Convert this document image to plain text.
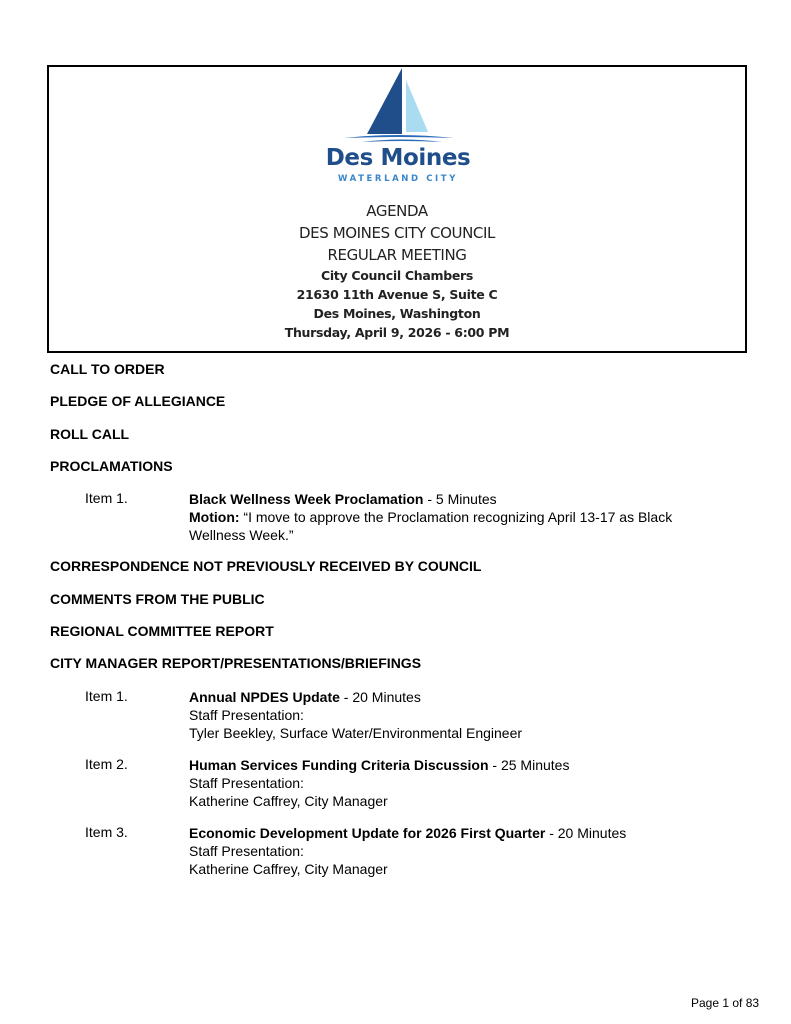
Des Moines
WATERLAND CITY
AGENDA
DES MOINES CITY COUNCIL
REGULAR MEETING
City Council Chambers
21630 11th Avenue S, Suite C
Des Moines, Washington
Thursday, April 9, 2026 - 6:00 PM
CALL TO ORDER
PLEDGE OF ALLEGIANCE
ROLL CALL
PROCLAMATIONS
Item 1.	Black Wellness Week Proclamation - 5 Minutes
Motion: “I move to approve the Proclamation recognizing April 13-17 as Black
Wellness Week.”
CORRESPONDENCE NOT PREVIOUSLY RECEIVED BY COUNCIL
COMMENTS FROM THE PUBLIC
REGIONAL COMMITTEE REPORT
CITY MANAGER REPORT/PRESENTATIONS/BRIEFINGS
Item 1.	Annual NPDES Update - 20 Minutes
Staff Presentation:
Tyler Beekley, Surface Water/Environmental Engineer
Item 2.	Human Services Funding Criteria Discussion - 25 Minutes
Staff Presentation:
Katherine Caffrey, City Manager
Item 3.	Economic Development Update for 2026 First Quarter - 20 Minutes
Staff Presentation:
Katherine Caffrey, City Manager
Page 1 of 83
